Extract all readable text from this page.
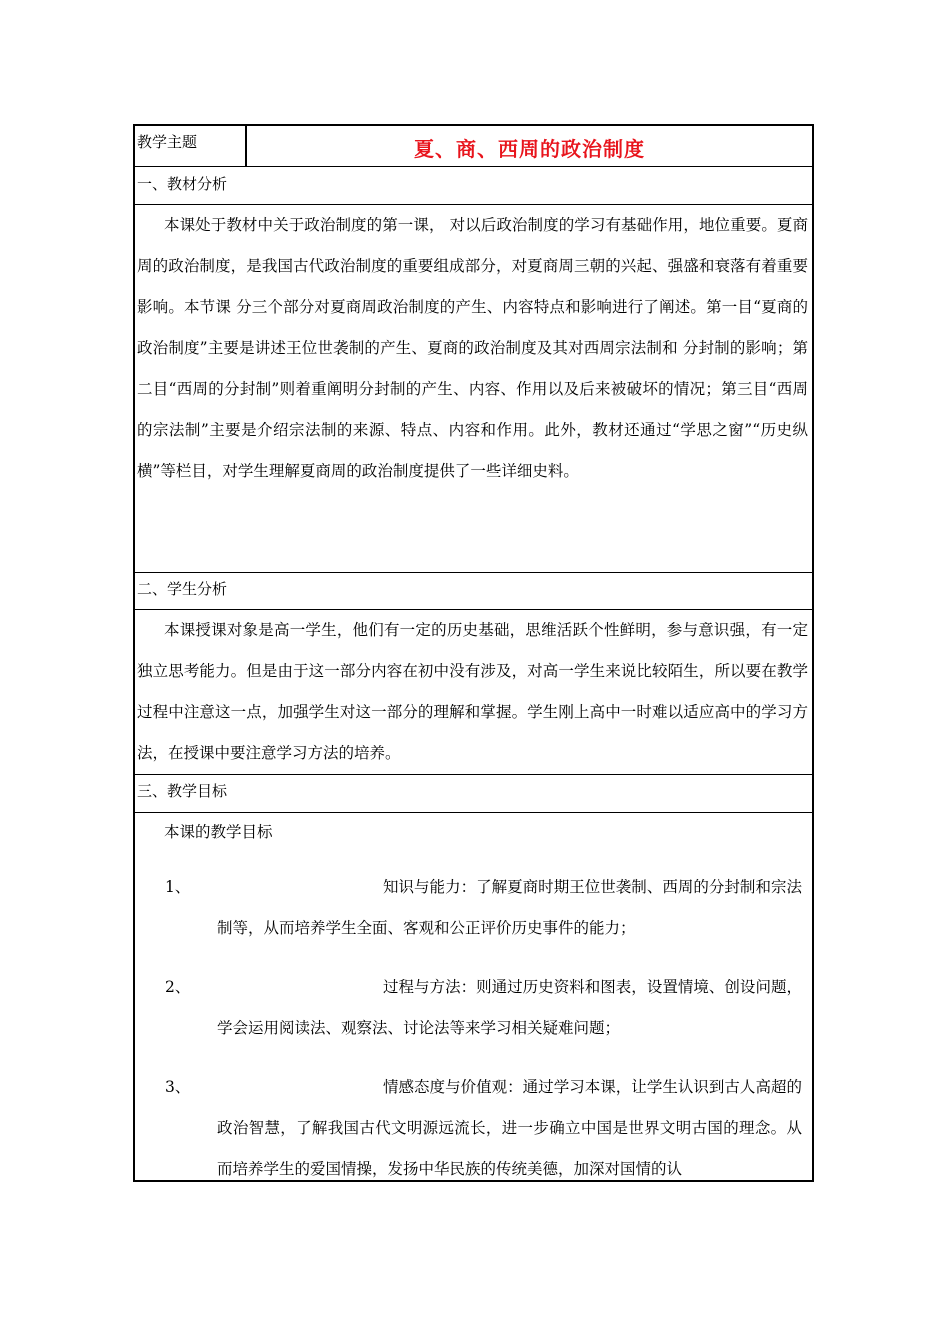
教学主题	夏、商、西周的政治制度
一、教材分析
本课处于教材中关于政治制度的第一课， 对以后政治制度的学习有基础作用，地位重要。夏商周的政治制度，是我国古代政治制度的重要组成部分，对夏商周三朝的兴起、强盛和衰落有着重要影响。本节课 分三个部分对夏商周政治制度的产生、内容特点和影响进行了阐述。第一目“夏商的政治制度”主要是讲述王位世袭制的产生、夏商的政治制度及其对西周宗法制和 分封制的影响；第二目“西周的分封制”则着重阐明分封制的产生、内容、作用以及后来被破坏的情况；第三目“西周的宗法制”主要是介绍宗法制的来源、特点、内容和作用。此外，教材还通过“学思之窗”“历史纵横”等栏目，对学生理解夏商周的政治制度提供了一些详细史料。
二、学生分析
本课授课对象是高一学生，他们有一定的历史基础，思维活跃个性鲜明，参与意识强，有一定独立思考能力。但是由于这一部分内容在初中没有涉及，对高一学生来说比较陌生，所以要在教学过程中注意这一点，加强学生对这一部分的理解和掌握。学生刚上高中一时难以适应高中的学习方法，在授课中要注意学习方法的培养。
三、教学目标
本课的教学目标
1、	知识与能力：了解夏商时期王位世袭制、西周的分封制和宗法制等，从而培养学生全面、客观和公正评价历史事件的能力；
2、	过程与方法：则通过历史资料和图表，设置情境、创设问题，学会运用阅读法、观察法、讨论法等来学习相关疑难问题；
3、	情感态度与价值观：通过学习本课，让学生认识到古人高超的政治智慧，了解我国古代文明源远流长，进一步确立中国是世界文明古国的理念。从而培养学生的爱国情操，发扬中华民族的传统美德，加深对国情的认
